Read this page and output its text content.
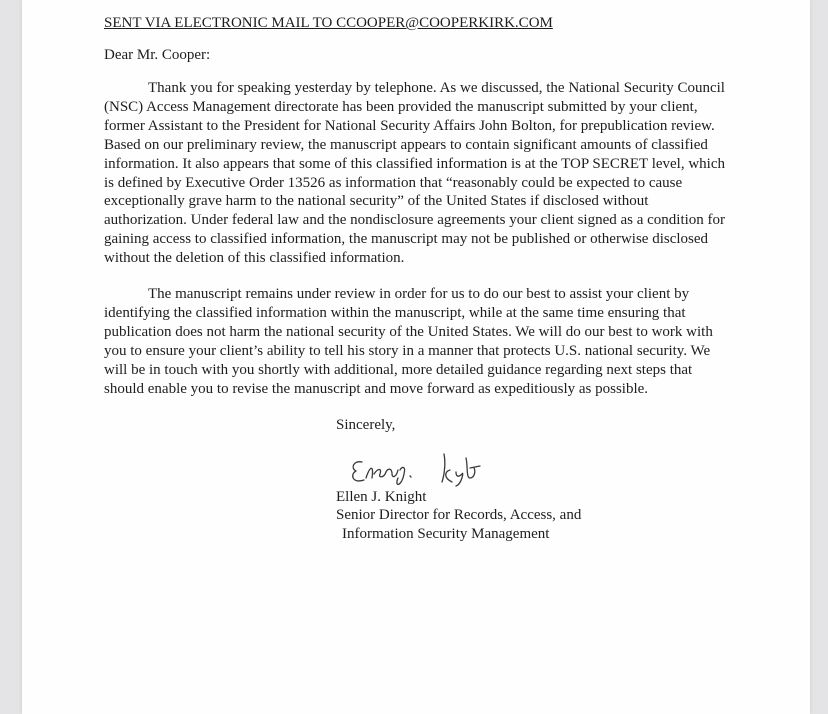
SENT VIA ELECTRONIC MAIL TO CCOOPER@COOPERKIRK.COM

Dear Mr. Cooper:

Thank you for speaking yesterday by telephone. As we discussed, the National Security Council (NSC) Access Management directorate has been provided the manuscript submitted by your client, former Assistant to the President for National Security Affairs John Bolton, for prepublication review. Based on our preliminary review, the manuscript appears to contain significant amounts of classified information. It also appears that some of this classified information is at the TOP SECRET level, which is defined by Executive Order 13526 as information that “reasonably could be expected to cause exceptionally grave harm to the national security” of the United States if disclosed without authorization. Under federal law and the nondisclosure agreements your client signed as a condition for gaining access to classified information, the manuscript may not be published or otherwise disclosed without the deletion of this classified information.

The manuscript remains under review in order for us to do our best to assist your client by identifying the classified information within the manuscript, while at the same time ensuring that publication does not harm the national security of the United States. We will do our best to work with you to ensure your client’s ability to tell his story in a manner that protects U.S. national security. We will be in touch with you shortly with additional, more detailed guidance regarding next steps that should enable you to revise the manuscript and move forward as expeditiously as possible.

Sincerely,

Ellen J. Knight
Senior Director for Records, Access, and
Information Security Management
